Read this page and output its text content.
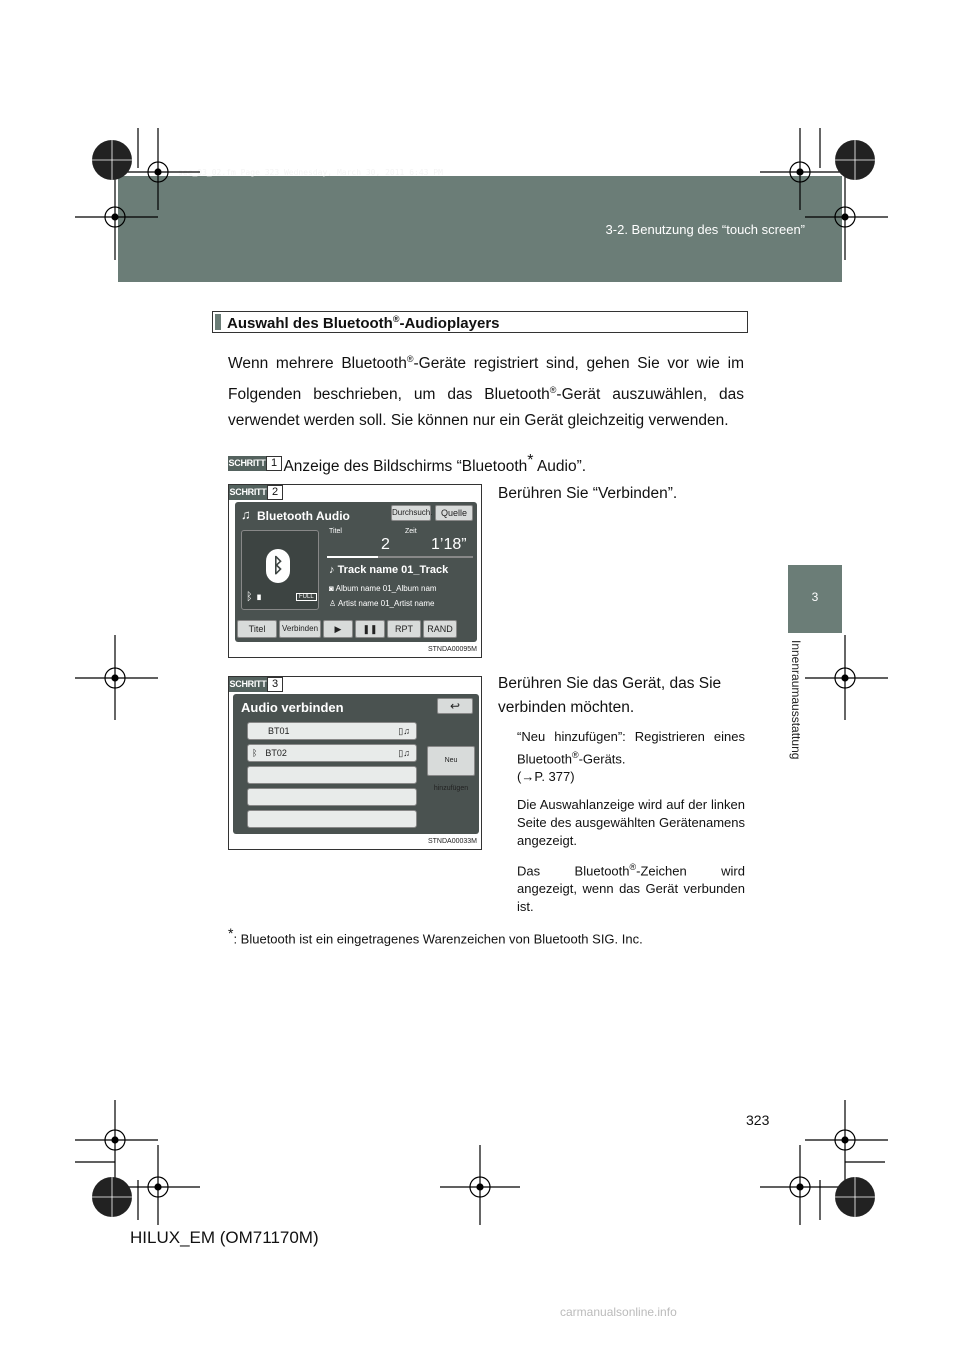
sec_03_02.fm Page 323 Wednesday, March 30, 2011 6:43 PM
3-2. Benutzung des “touch screen”
3
Innenraumausstattung
Auswahl des Bluetooth®-Audioplayers
Wenn mehrere Bluetooth®-Geräte registriert sind, gehen Sie vor wie im Folgenden beschrieben, um das Bluetooth®-Gerät auszuwählen, das verwendet werden soll. Sie können nur ein Gerät gleichzeitig verwenden.
SCHRITT 1 Anzeige des Bildschirms “Bluetooth* Audio”.
SCHRITT 2
♫ Bluetooth Audio	Durchsuch. Quelle
ᛒ
ᛒ ▮	FULL
Titel	Zeit
2	1’18”
♪ Track name 01_Track
◙ Album name 01_Album nam
♙ Artist name 01_Artist name
Titel	Verbinden	▶	❚❚	RPT	RAND
STNDA00095M
Berühren Sie “Verbinden”.
SCHRITT 3
Audio verbinden	↩
BT01	▯♫
ᛒ BT02	▯♫
Neu hinzufügen
STNDA00033M
Berühren Sie das Gerät, das Sie verbinden möchten.
“Neu hinzufügen”: Registrieren eines Bluetooth®-Geräts.
(→P. 377)
Die Auswahlanzeige wird auf der linken Seite des ausgewählten Gerätenamens angezeigt.
Das Bluetooth®-Zeichen wird angezeigt, wenn das Gerät verbunden ist.
*: Bluetooth ist ein eingetragenes Warenzeichen von Bluetooth SIG. Inc.
323
HILUX_EM (OM71170M)
carmanualsonline.info
